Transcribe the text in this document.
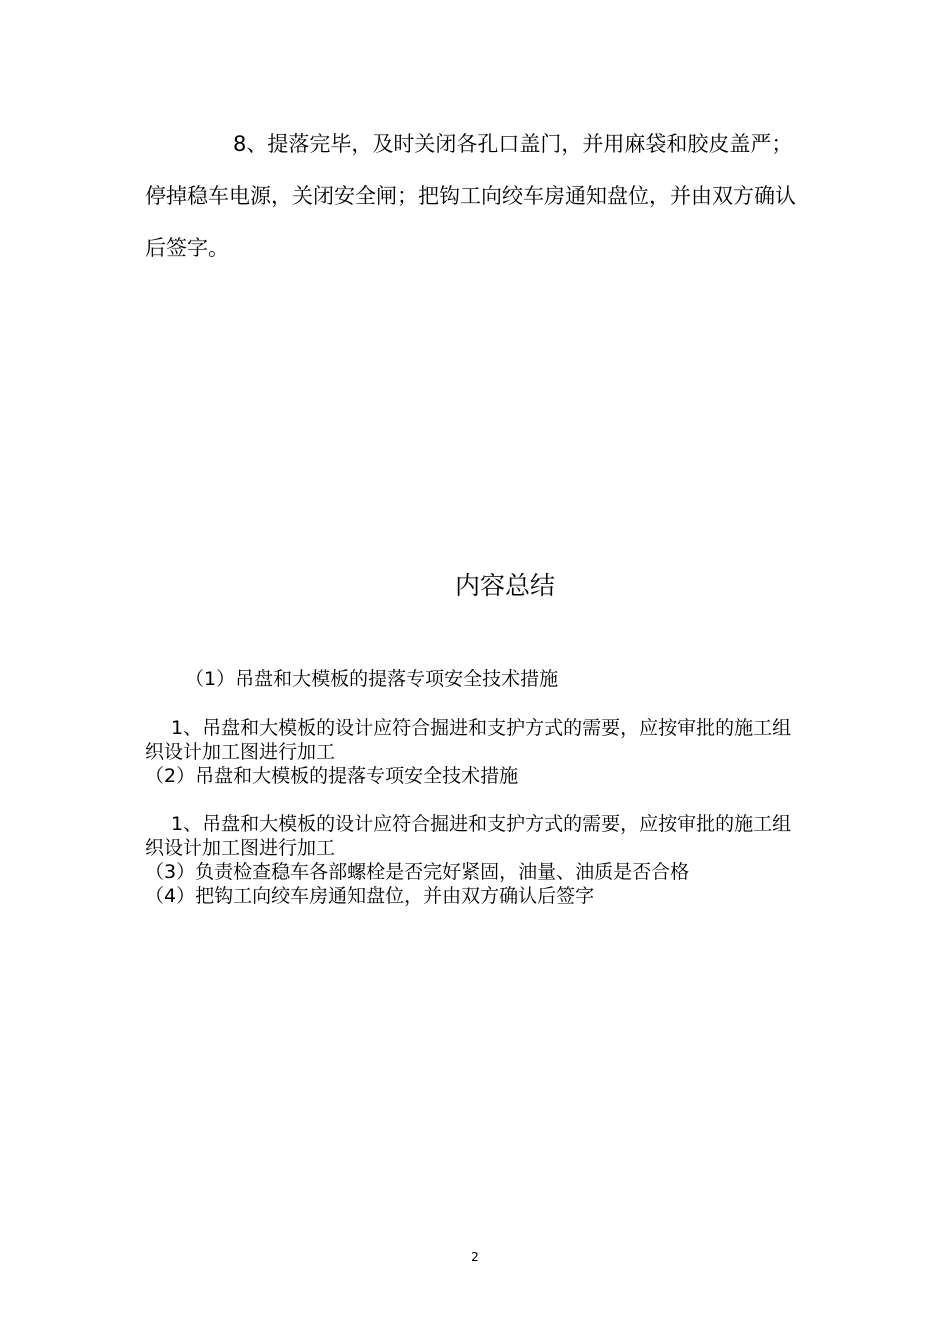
8、提落完毕，及时关闭各孔口盖门，并用麻袋和胶皮盖严；停掉稳车电源，关闭安全闸；把钩工向绞车房通知盘位，并由双方确认后签字。

内容总结

（1）吊盘和大模板的提落专项安全技术措施

1、吊盘和大模板的设计应符合掘进和支护方式的需要，应按审批的施工组织设计加工图进行加工

（2）吊盘和大模板的提落专项安全技术措施

1、吊盘和大模板的设计应符合掘进和支护方式的需要，应按审批的施工组织设计加工图进行加工

（3）负责检查稳车各部螺栓是否完好紧固，油量、油质是否合格

（4）把钩工向绞车房通知盘位，并由双方确认后签字

2
